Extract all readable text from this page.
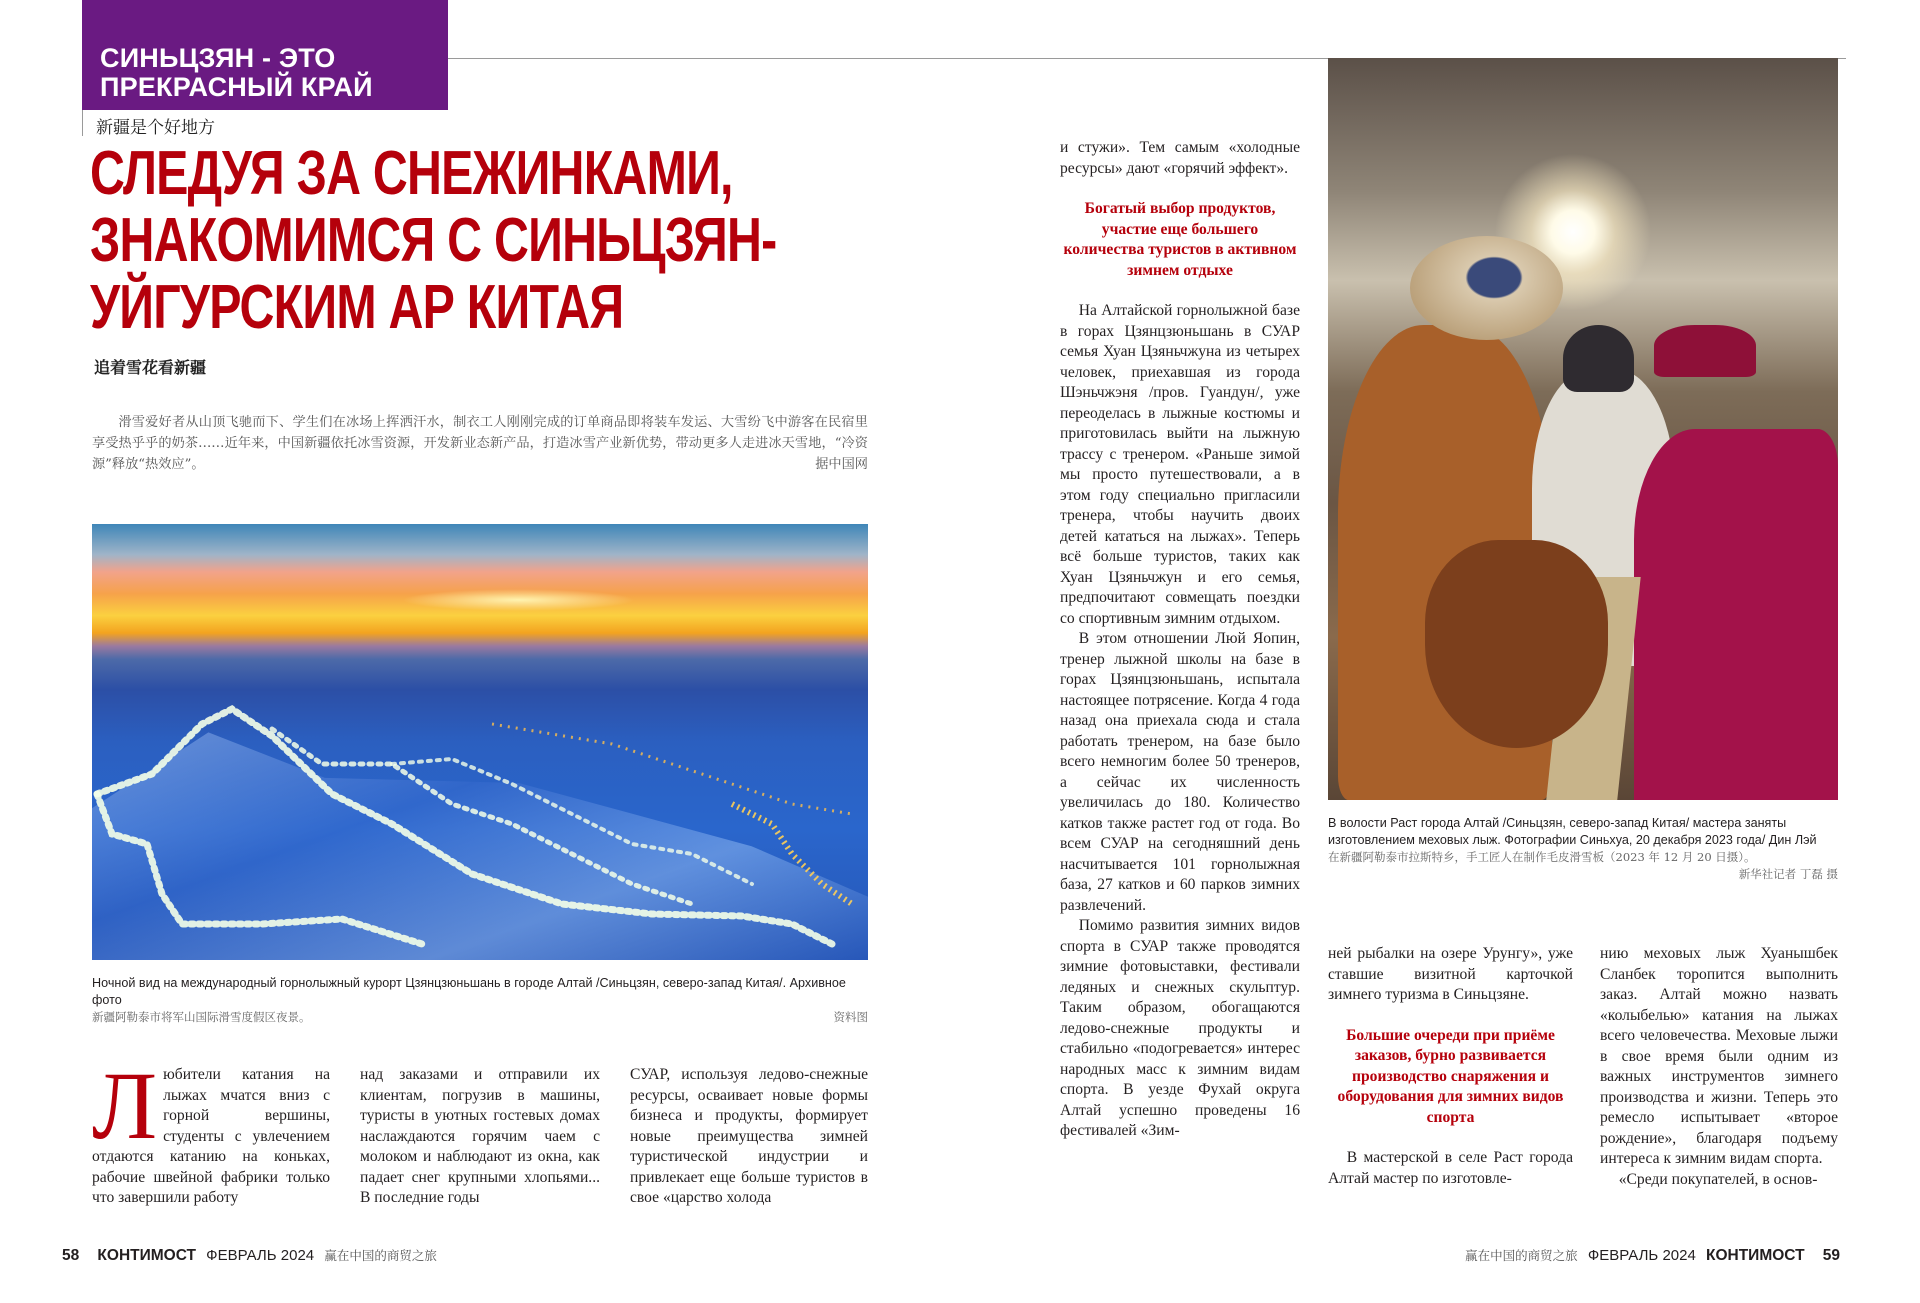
СИНЬЦЗЯН - ЭТО
ПРЕКРАСНЫЙ КРАЙ
新疆是个好地方
СЛЕДУЯ ЗА СНЕЖИНКАМИ,
ЗНАКОМИМСЯ С СИНЬЦЗЯН-
УЙГУРСКИМ АР КИТАЯ
追着雪花看新疆
滑雪爱好者从山顶飞驰而下、学生们在冰场上挥洒汗水，制衣工人刚刚完成的订单商品即将装车发运、大雪纷飞中游客在民宿里享受热乎乎的奶茶……近年来，中国新疆依托冰雪资源，开发新业态新产品，打造冰雪产业新优势，带动更多人走进冰天雪地，“冷资源”释放“热效应”。	据中国网
Ночной вид на международный горнолыжный курорт Цзянцзюньшань в городе Алтай /Синьцзян, северо-запад Китая/. Архивное фото
新疆阿勒泰市将军山国际滑雪度假区夜景。	资料图
Л юбители катания на лыжах мчатся вниз с горной вершины, студенты с увлечением отдаются катанию на коньках, рабочие швейной фабрики только что завершили работу

над заказами и отправили их клиентам, погрузив в машины, туристы в уютных гостевых домах наслаждаются горячим чаем с молоком и наблюдают из окна, как падает снег крупными хлопьями... В последние годы

СУАР, используя ледово-снежные ресурсы, осваивает новые формы бизнеса и продукты, формирует новые преимущества зимней туристической индустрии и привлекает еще больше туристов в свое «царство холода

58 КОНТИМОСТ ФЕВРАЛЬ 2024 赢在中国的商贸之旅

и стужи». Тем самым «холодные ресурсы» дают «горячий эффект».

Богатый выбор продуктов, участие еще большего количества туристов в активном зимнем отдыхе

На Алтайской горнолыжной базе в горах Цзянцзюньшань в СУАР семья Хуан Цзяньчжуна из четырех человек, приехавшая из города Шэньчжэня /пров. Гуандун/, уже переоделась в лыжные костюмы и приготовилась выйти на лыжную трассу с тренером. «Раньше зимой мы просто путешествовали, а в этом году специально пригласили тренера, чтобы научить двоих детей кататься на лыжах». Теперь всё больше туристов, таких как Хуан Цзяньчжун и его семья, предпочитают совмещать поездки со спортивным зимним отдыхом.

В этом отношении Люй Яопин, тренер лыжной школы на базе в горах Цзянцзюньшань, испытала настоящее потрясение. Когда 4 года назад она приехала сюда и стала работать тренером, на базе было всего немногим более 50 тренеров, а сейчас их численность увеличилась до 180. Количество катков также растет год от года. Во всем СУАР на сегодняшний день насчитывается 101 горнолыжная база, 27 катков и 60 парков зимних развлечений.

Помимо развития зимних видов спорта в СУАР также проводятся зимние фотовыставки, фестивали ледяных и снежных скульптур. Таким образом, обогащаются ледово-снежные продукты и стабильно «подогревается» интерес народных масс к зимним видам спорта. В уезде Фухай округа Алтай успешно проведены 16 фестивалей «Зим-

В волости Раст города Алтай /Синьцзян, северо-запад Китая/ мастера заняты изготовлением меховых лыж. Фотографии Синьхуа, 20 декабря 2023 года/ Дин Лэй
在新疆阿勒泰市拉斯特乡，手工匠人在制作毛皮滑雪板（2023 年 12 月 20 日摄）。
新华社记者 丁磊 摄

ней рыбалки на озере Урунгу», уже ставшие визитной карточкой зимнего туризма в Синьцзяне.

Большие очереди при приёме заказов, бурно развивается производство снаряжения и оборудования для зимних видов спорта

В мастерской в селе Раст города Алтай мастер по изготовле-

нию меховых лыж Хуанышбек Сланбек торопится выполнить заказ. Алтай можно назвать «колыбелью» катания на лыжах всего человечества. Меховые лыжи в свое время были одним из важных инструментов зимнего производства и жизни. Теперь это ремесло испытывает «второе рождение», благодаря подъему интереса к зимним видам спорта.

«Среди покупателей, в основ-

赢在中国的商贸之旅 ФЕВРАЛЬ 2024 КОНТИМОСТ 59
